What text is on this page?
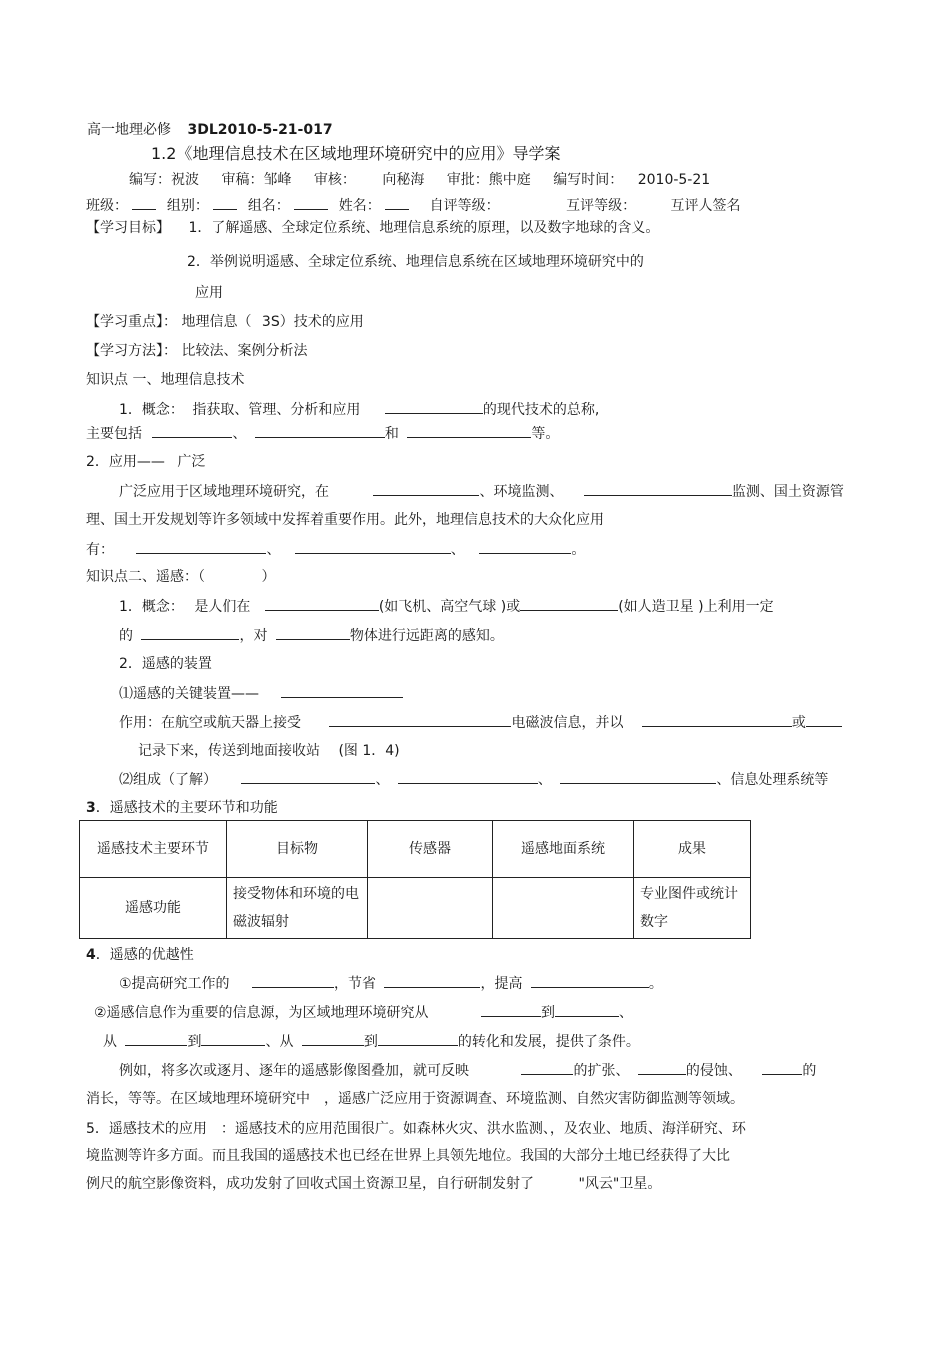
高一地理必修 3DL2010-5-21-017
1.2《地理信息技术在区域地理环境研究中的应用》导学案
编写：祝波 审稿：邹峰 审核： 向秘海 审批：熊中庭 编写时间： 2010-5-21
班级：	组别：	组名：	姓名：	自评等级：	互评等级： 互评人签名
【学习目标】 1．了解遥感、全球定位系统、地理信息系统的原理，以及数字地球的含义。
2．举例说明遥感、全球定位系统、地理信息系统在区域地理环境研究中的
应用
【学习重点】： 地理信息（ 3S）技术的应用
【学习方法】： 比较法、案例分析法
知识点 一、地理信息技术
1．概念： 指获取、管理、分析和应用	的现代技术的总称,
主要包括	、	和	等。
2．应用—— 广泛
广泛应用于区域地理环境研究，在	、环境监测、	监测、国土资源管
理、国土开发规划等许多领域中发挥着重要作用。此外，地理信息技术的大众化应用
有：	、	、	。
知识点二、遥感：（	）
1．概念： 是人们在	(如飞机、高空气球 )或	(如人造卫星 )上利用一定
的	，对	物体进行远距离的感知。
2．遥感的装置
⑴遥感的关键装置——
作用：在航空或航天器上接受	电磁波信息，并以	或
记录下来，传送到地面接收站 (图 1．4)
⑵组成（了解）	、	、	、信息处理系统等
3．遥感技术的主要环节和功能
遥感技术主要环节	目标物	传感器	遥感地面系统	成果
遥感功能	接受物体和环境的电磁波辐射			专业图件或统计数字
4．遥感的优越性
①提高研究工作的	，节省	，提高	。
②遥感信息作为重要的信息源，为区域地理环境研究从	到	、
从	到	、从	到	的转化和发展，提供了条件。
例如，将多次或逐月、逐年的遥感影像图叠加，就可反映	的扩张、	的侵蚀、	的
消长，等等。在区域地理环境研究中　，遥感广泛应用于资源调查、环境监测、自然灾害防御监测等领域。
5．遥感技术的应用　：遥感技术的应用范围很广。如森林火灾、洪水监测、，及农业、地质、海洋研究、环
境监测等许多方面。而且我国的遥感技术也已经在世界上具领先地位。我国的大部分土地已经获得了大比
例尺的航空影像资料，成功发射了回收式国土资源卫星，自行研制发射了	"风云"卫星。
